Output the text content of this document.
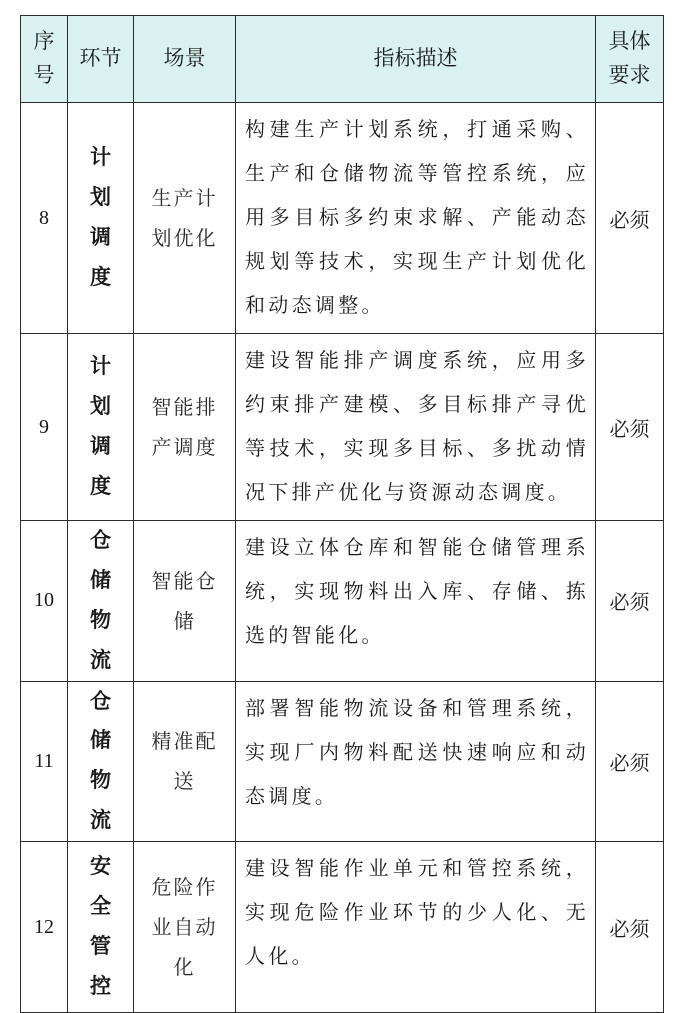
序号	环节	场景	指标描述	具体要求
8	计划调度	生产计划优化	构建生产计划系统，打通采购、生产和仓储物流等管控系统，应用多目标多约束求解、产能动态规划等技术，实现生产计划优化和动态调整。	必须
9	计划调度	智能排产调度	建设智能排产调度系统，应用多约束排产建模、多目标排产寻优等技术，实现多目标、多扰动情况下排产优化与资源动态调度。	必须
10	仓储物流	智能仓储	建设立体仓库和智能仓储管理系统，实现物料出入库、存储、拣选的智能化。	必须
11	仓储物流	精准配送	部署智能物流设备和管理系统，实现厂内物料配送快速响应和动态调度。	必须
12	安全管控	危险作业自动化	建设智能作业单元和管控系统，实现危险作业环节的少人化、无人化。	必须
